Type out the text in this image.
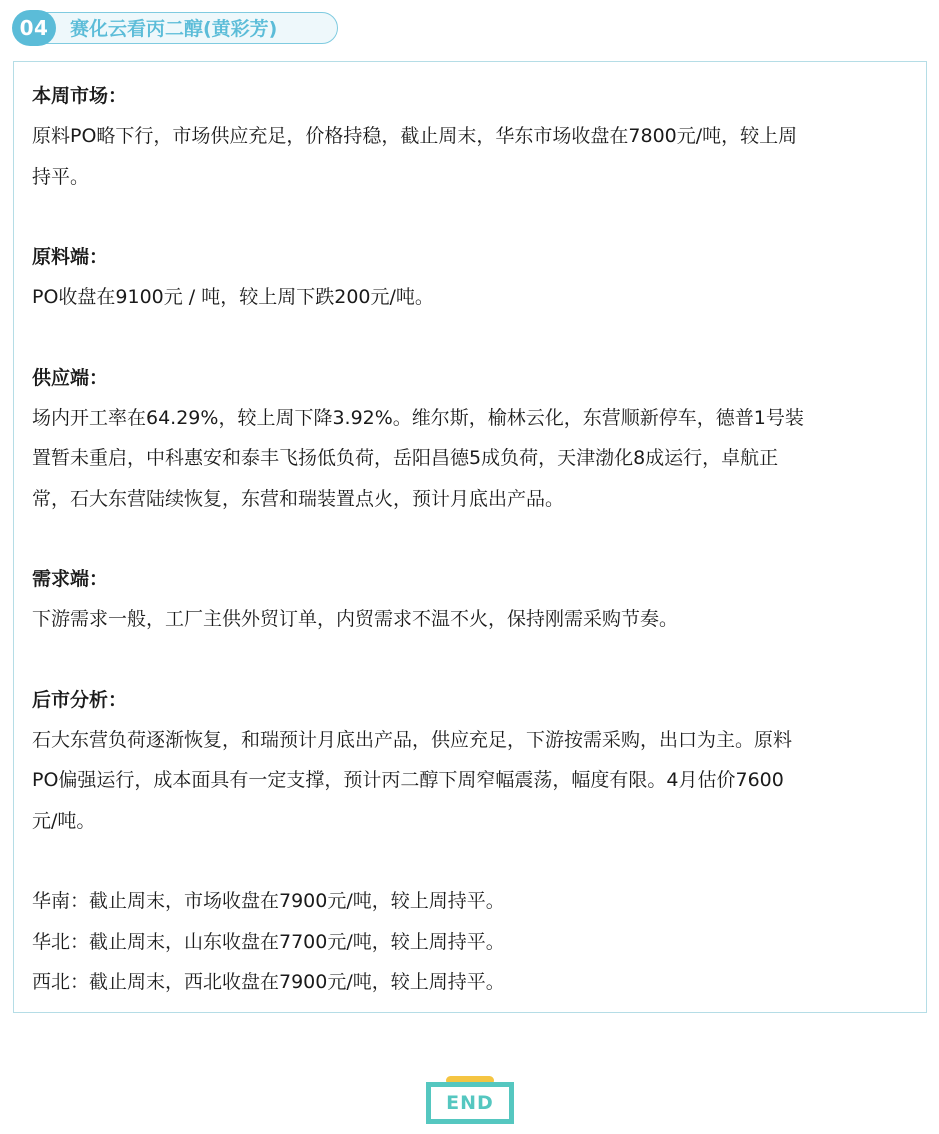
04	赛化云看丙二醇(黄彩芳)
本周市场：
原料PO略下行，市场供应充足，价格持稳，截止周末，华东市场收盘在7800元/吨，较上周
持平。
原料端：
PO收盘在9100元 / 吨，较上周下跌200元/吨。
供应端：
场内开工率在64.29%，较上周下降3.92%。维尔斯，榆林云化，东营顺新停车，德普1号装
置暂未重启，中科惠安和泰丰飞扬低负荷，岳阳昌德5成负荷，天津渤化8成运行，卓航正
常，石大东营陆续恢复，东营和瑞装置点火，预计月底出产品。
需求端：
下游需求一般，工厂主供外贸订单，内贸需求不温不火，保持刚需采购节奏。
后市分析：
石大东营负荷逐渐恢复，和瑞预计月底出产品，供应充足，下游按需采购，出口为主。原料
PO偏强运行，成本面具有一定支撑，预计丙二醇下周窄幅震荡，幅度有限。4月估价7600
元/吨。
华南：截止周末，市场收盘在7900元/吨，较上周持平。
华北：截止周末，山东收盘在7700元/吨，较上周持平。
西北：截止周末，西北收盘在7900元/吨，较上周持平。
END
